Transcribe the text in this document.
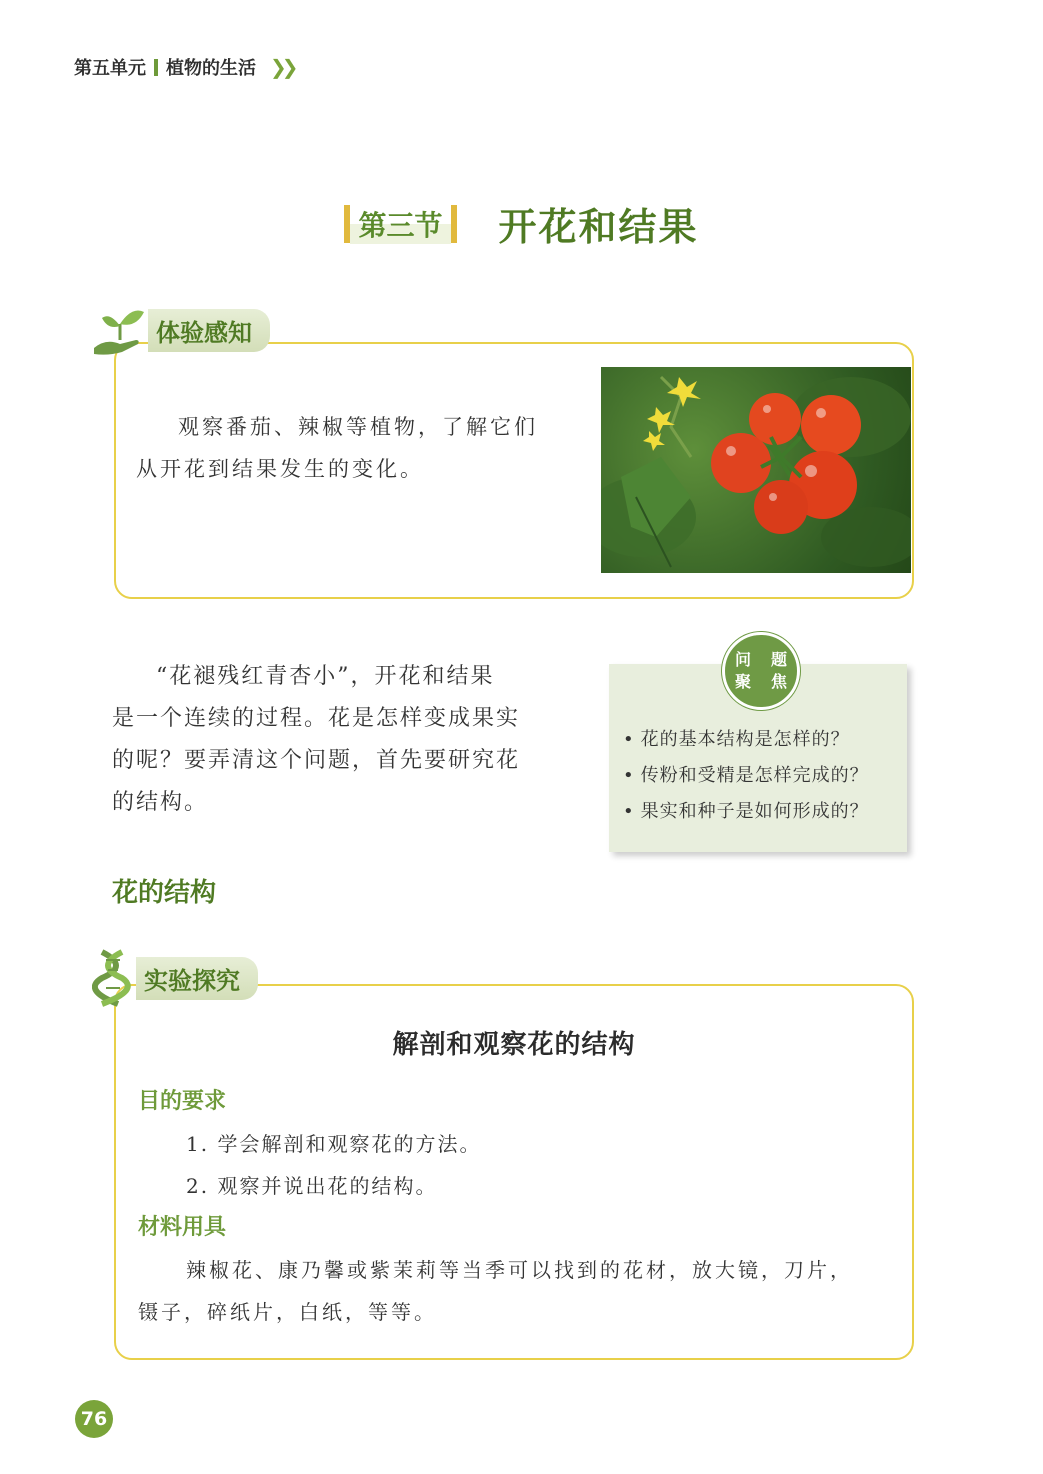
第五单元 植物的生活 ❯❯
第三节 开花和结果
体验感知
观察番茄、辣椒等植物，了解它们
从开花到结果发生的变化。
“花褪残红青杏小”，开花和结果
是一个连续的过程。花是怎样变成果实
的呢？要弄清这个问题，首先要研究花
的结构。
问 题
聚 焦
• 花的基本结构是怎样的？
• 传粉和受精是怎样完成的？
• 果实和种子是如何形成的？
花的结构
实验探究
解剖和观察花的结构
目的要求
1. 学会解剖和观察花的方法。
2. 观察并说出花的结构。
材料用具
辣椒花、康乃馨或紫茉莉等当季可以找到的花材，放大镜，刀片，
镊子，碎纸片，白纸，等等。
76
